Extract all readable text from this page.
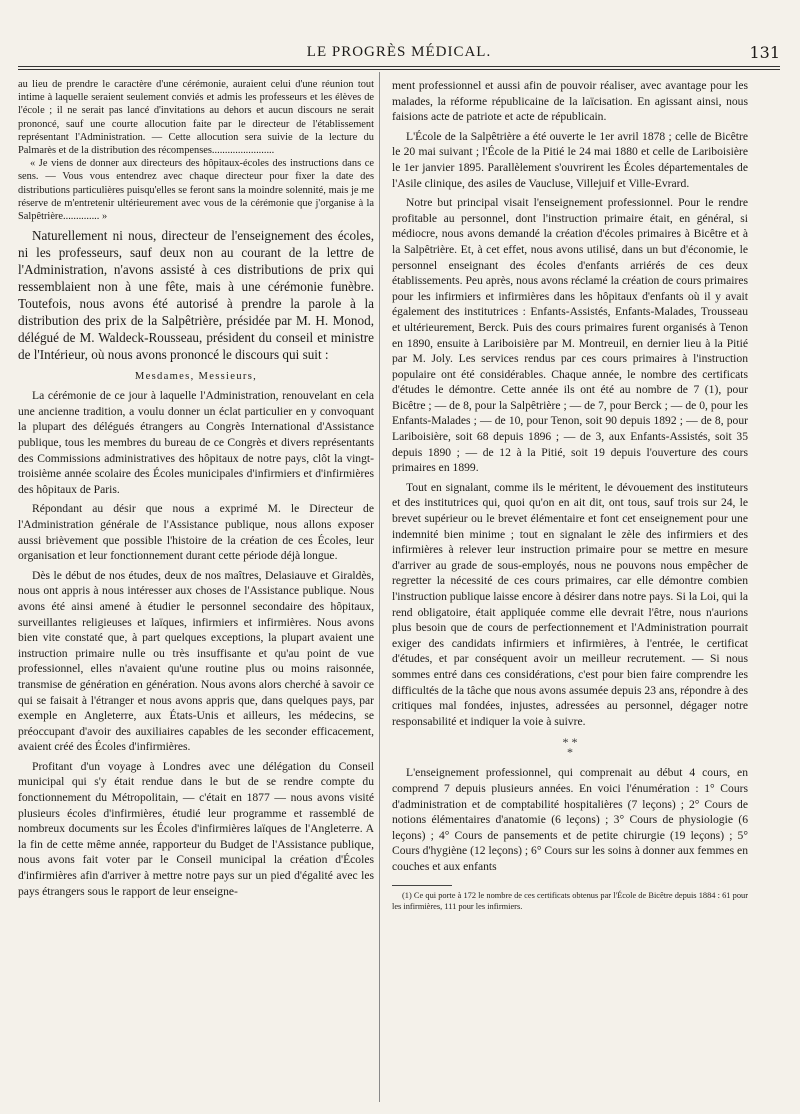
LE PROGRÈS MÉDICAL.	131

au lieu de prendre le caractère d'une cérémonie, auraient celui d'une réunion tout intime à laquelle seraient seulement conviés et admis les professeurs et les élèves de l'école ; il ne serait pas lancé d'invitations au dehors et aucun discours ne serait prononcé, sauf une courte allocution faite par le directeur de l'établissement représentant l'Administration. — Cette allocution sera suivie de la lecture du Palmarès et de la distribution des récompenses........................

« Je viens de donner aux directeurs des hôpitaux-écoles des instructions dans ce sens. — Vous vous entendrez avec chaque directeur pour fixer la date des distributions particulières puisqu'elles se feront sans la moindre solennité, mais je me réserve de m'entretenir ultérieurement avec vous de la cérémonie que j'organise à la Salpêtrière.............. »

Naturellement ni nous, directeur de l'enseignement des écoles, ni les professeurs, sauf deux non au courant de la lettre de l'Administration, n'avons assisté à ces distributions de prix qui ressemblaient non à une fête, mais à une cérémonie funèbre. Toutefois, nous avons été autorisé à prendre la parole à la distribution des prix de la Salpêtrière, présidée par M. H. Monod, délégué de M. Waldeck-Rousseau, président du conseil et ministre de l'Intérieur, où nous avons prononcé le discours qui suit :

Mesdames, Messieurs,

La cérémonie de ce jour à laquelle l'Administration, renouvelant en cela une ancienne tradition, a voulu donner un éclat particulier en y convoquant la plupart des délégués étrangers au Congrès International d'Assistance publique, tous les membres du bureau de ce Congrès et divers représentants des Commissions administratives des hôpitaux de notre pays, clôt la vingt-troisième année scolaire des Écoles municipales d'infirmiers et d'infirmières des hôpitaux de Paris.

Répondant au désir que nous a exprimé M. le Directeur de l'Administration générale de l'Assistance publique, nous allons exposer aussi brièvement que possible l'histoire de la création de ces Écoles, leur organisation et leur fonctionnement durant cette période déjà longue.

Dès le début de nos études, deux de nos maîtres, Delasiauve et Giraldès, nous ont appris à nous intéresser aux choses de l'Assistance publique. Nous avons été ainsi amené à étudier le personnel secondaire des hôpitaux, surveillantes religieuses et laïques, infirmiers et infirmières. Nous avons bien vite constaté que, à part quelques exceptions, la plupart avaient une instruction primaire nulle ou très insuffisante et qu'au point de vue professionnel, elles n'avaient qu'une routine plus ou moins raisonnée, transmise de génération en génération. Nous avons alors cherché à savoir ce qui se faisait à l'étranger et nous avons appris que, dans quelques pays, par exemple en Angleterre, aux États-Unis et ailleurs, les médecins, se préoccupant d'avoir des auxiliaires capables de les seconder efficacement, avaient créé des Écoles d'infirmières.

Profitant d'un voyage à Londres avec une délégation du Conseil municipal qui s'y était rendue dans le but de se rendre compte du fonctionnement du Métropolitain, — c'était en 1877 — nous avons visité plusieurs écoles d'infirmières, étudié leur programme et rassemblé de nombreux documents sur les Écoles d'infirmières laïques de l'Angleterre. A la fin de cette même année, rapporteur du Budget de l'Assistance publique, nous avons fait voter par le Conseil municipal la création d'Écoles d'infirmières afin d'arriver à mettre notre pays sur un pied d'égalité avec les pays étrangers sous le rapport de leur enseigne-

ment professionnel et aussi afin de pouvoir réaliser, avec avantage pour les malades, la réforme républicaine de la laïcisation. En agissant ainsi, nous faisions acte de patriote et acte de républicain.

L'École de la Salpêtrière a été ouverte le 1er avril 1878 ; celle de Bicêtre le 20 mai suivant ; l'École de la Pitié le 24 mai 1880 et celle de Lariboisière le 1er janvier 1895. Parallèlement s'ouvrirent les Écoles départementales de l'Asile clinique, des asiles de Vaucluse, Villejuif et Ville-Evrard.

Notre but principal visait l'enseignement professionnel. Pour le rendre profitable au personnel, dont l'instruction primaire était, en général, si médiocre, nous avons demandé la création d'écoles primaires à Bicêtre et à la Salpêtrière. Et, à cet effet, nous avons utilisé, dans un but d'économie, le personnel enseignant des écoles d'enfants arriérés de ces deux établissements. Peu après, nous avons réclamé la création de cours primaires pour les infirmiers et infirmières dans les hôpitaux d'enfants où il y avait également des institutrices : Enfants-Assistés, Enfants-Malades, Trousseau et ultérieurement, Berck. Puis des cours primaires furent organisés à Tenon en 1890, ensuite à Lariboisière par M. Montreuil, en dernier lieu à la Pitié par M. Joly. Les services rendus par ces cours primaires à l'instruction populaire ont été considérables. Chaque année, le nombre des certificats d'études le démontre. Cette année ils ont été au nombre de 7 (1), pour Bicêtre ; — de 8, pour la Salpêtrière ; — de 7, pour Berck ; — de 0, pour les Enfants-Malades ; — de 10, pour Tenon, soit 90 depuis 1892 ; — de 8, pour Lariboisière, soit 68 depuis 1896 ; — de 3, aux Enfants-Assistés, soit 35 depuis 1890 ; — de 12 à la Pitié, soit 19 depuis l'ouverture des cours primaires en 1899.

Tout en signalant, comme ils le méritent, le dévouement des instituteurs et des institutrices qui, quoi qu'on en ait dit, ont tous, sauf trois sur 24, le brevet supérieur ou le brevet élémentaire et font cet enseignement pour une indemnité bien minime ; tout en signalant le zèle des infirmiers et des infirmières à relever leur instruction primaire pour se mettre en mesure d'arriver au grade de sous-employés, nous ne pouvons nous empêcher de regretter la nécessité de ces cours primaires, car elle démontre combien l'instruction publique laisse encore à désirer dans notre pays. Si la Loi, qui la rend obligatoire, était appliquée comme elle devrait l'être, nous n'aurions plus besoin que de cours de perfectionnement et l'Administration pourrait exiger des candidats infirmiers et infirmières, à l'entrée, le certificat d'études, et par conséquent avoir un meilleur recrutement. — Si nous sommes entré dans ces considérations, c'est pour bien faire comprendre les difficultés de la tâche que nous avons assumée depuis 23 ans, répondre à des critiques mal fondées, injustes, adressées au personnel, dégager notre responsabilité et indiquer la voie à suivre.

* *
*

L'enseignement professionnel, qui comprenait au début 4 cours, en comprend 7 depuis plusieurs années. En voici l'énumération : 1° Cours d'administration et de comptabilité hospitalières (7 leçons) ; 2° Cours de notions élémentaires d'anatomie (6 leçons) ; 3° Cours de physiologie (6 leçons) ; 4° Cours de pansements et de petite chirurgie (19 leçons) ; 5° Cours d'hygiène (12 leçons) ; 6° Cours sur les soins à donner aux femmes en couches et aux enfants

(1) Ce qui porte à 172 le nombre de ces certificats obtenus par l'École de Bicêtre depuis 1884 : 61 pour les infirmières, 111 pour les infirmiers.
